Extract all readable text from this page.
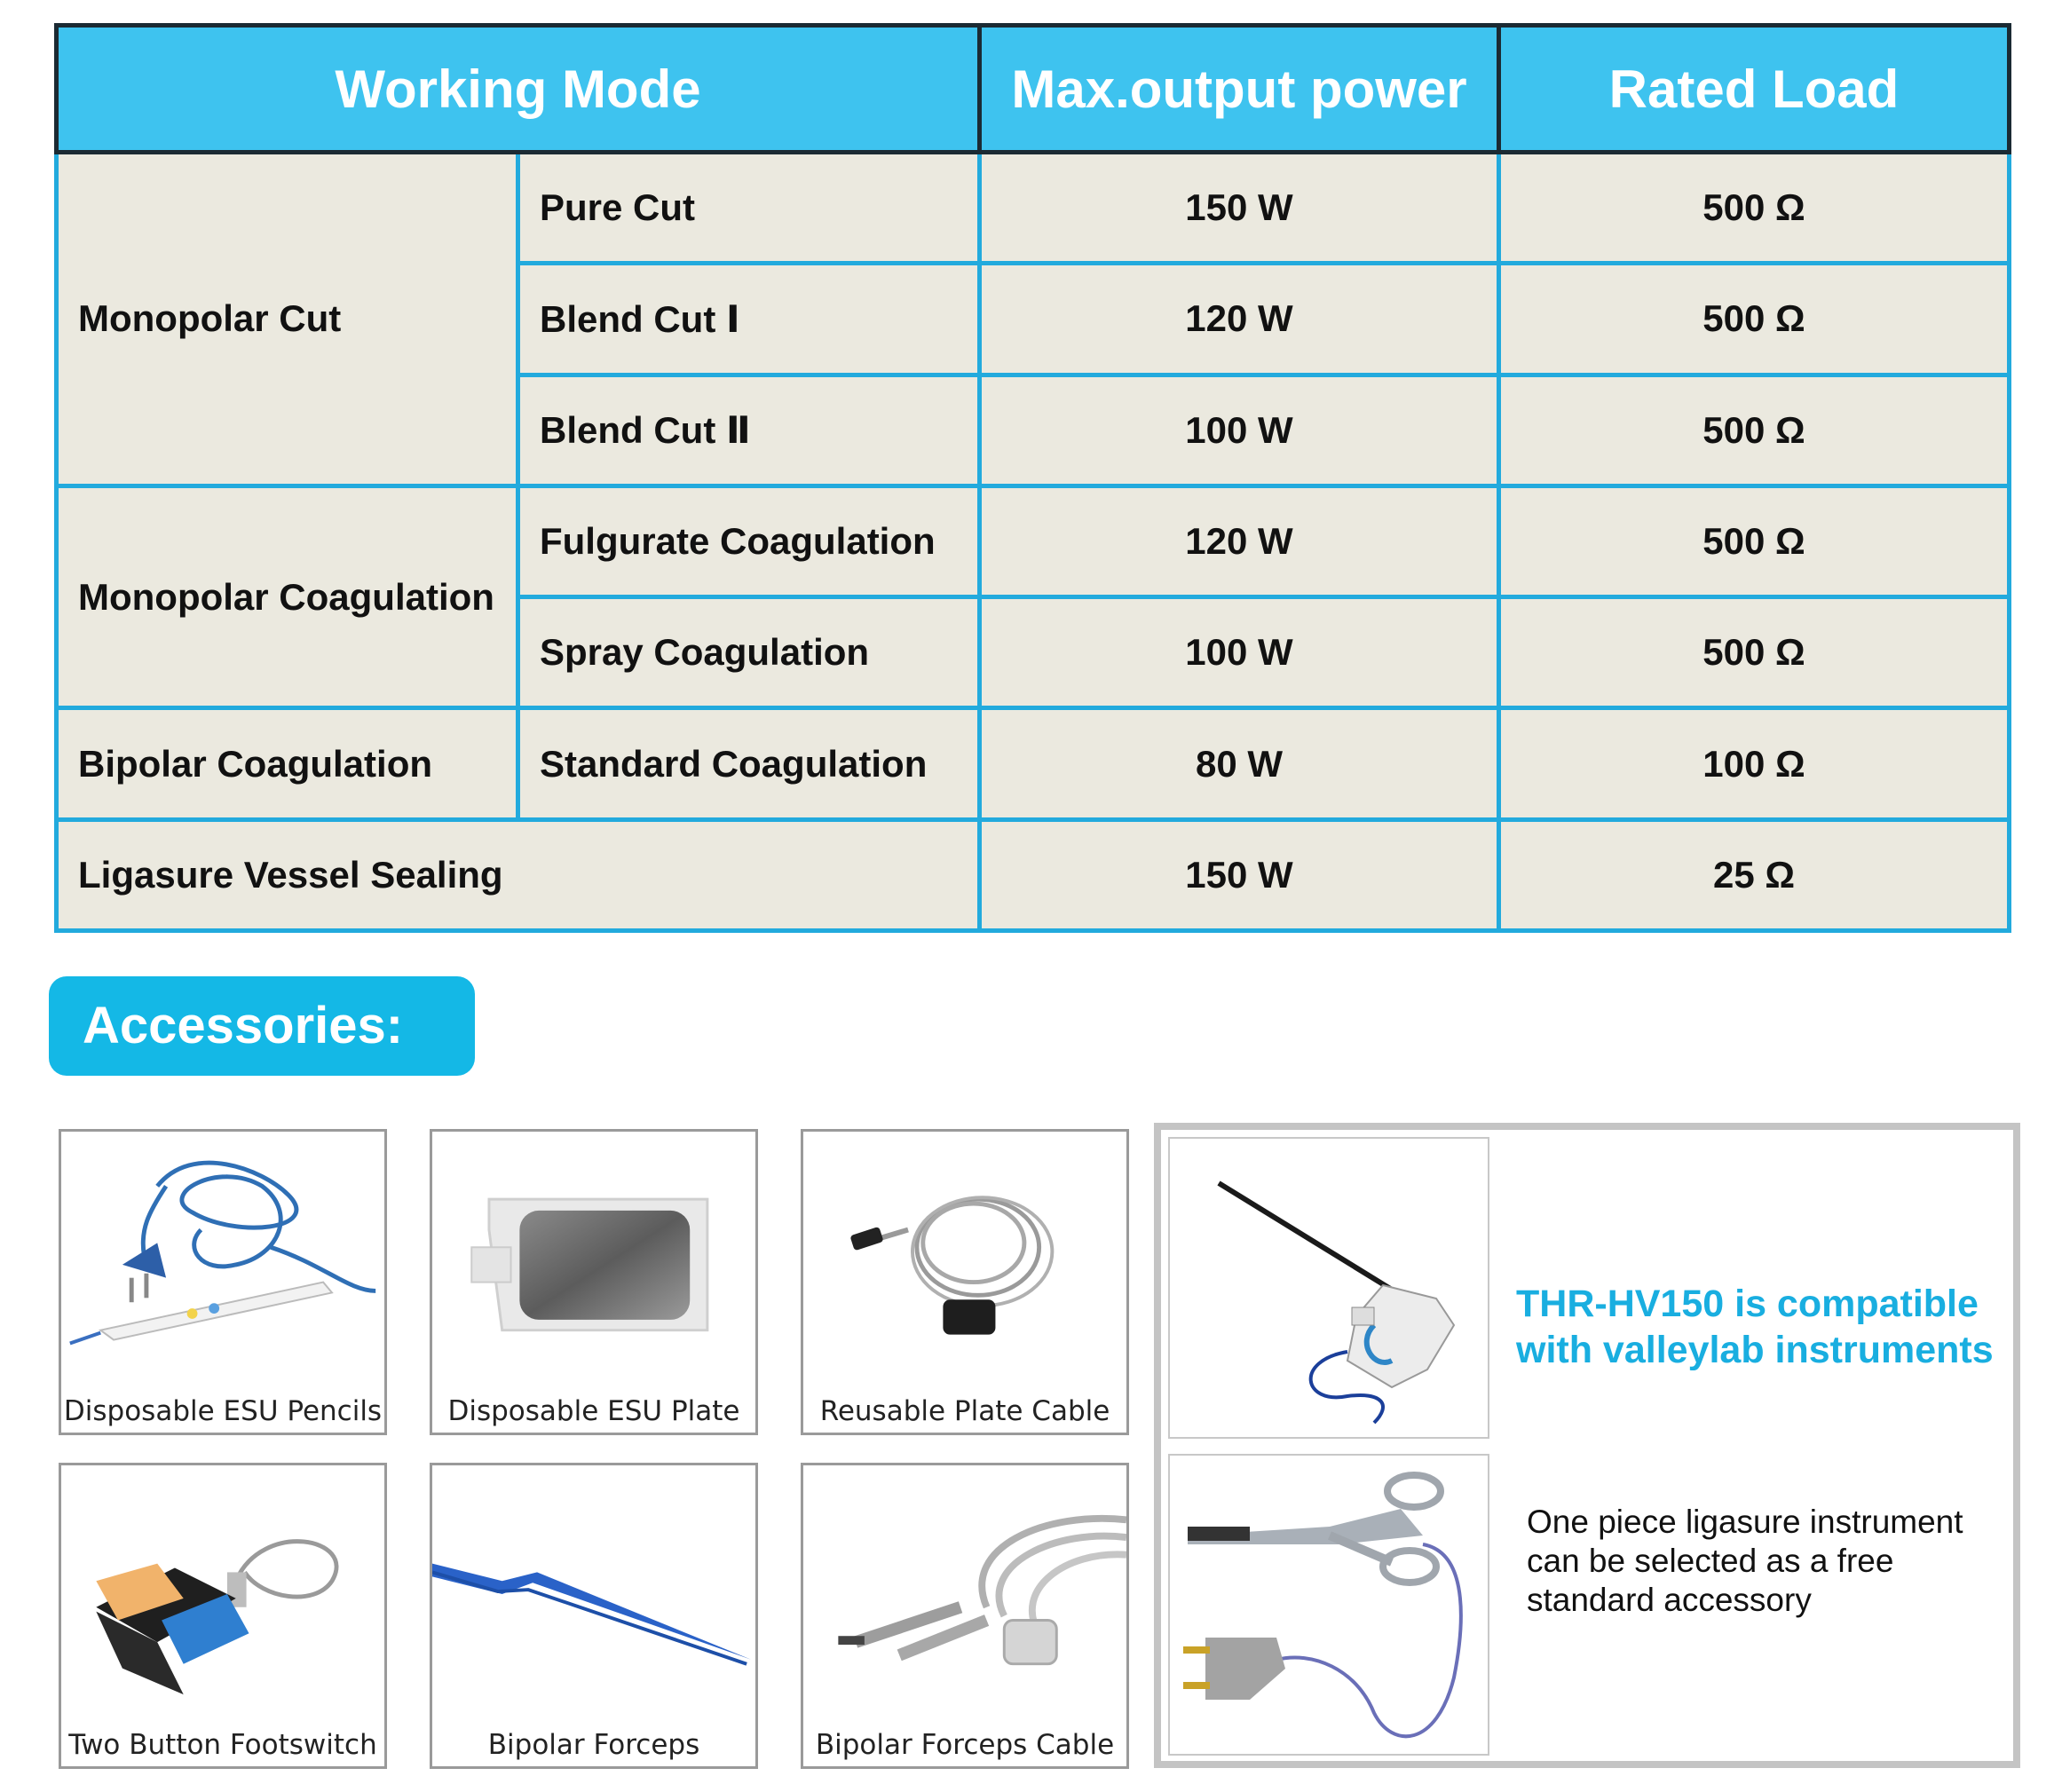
Working Mode		Max.output power	Rated Load
Monopolar Cut	Pure Cut	150 W	500 Ω
	Blend Cut Ⅰ	120 W	500 Ω
	Blend Cut Ⅱ	100 W	500 Ω
Monopolar Coagulation	Fulgurate Coagulation	120 W	500 Ω
	Spray Coagulation	100 W	500 Ω
Bipolar Coagulation	Standard Coagulation	80 W	100 Ω
Ligasure Vessel Sealing		150 W	25 Ω
Accessories:
Disposable ESU Pencils	Disposable ESU Plate	Reusable Plate Cable
Two Button Footswitch	Bipolar Forceps	Bipolar Forceps Cable
THR-HV150 is compatible with valleylab instruments
One piece ligasure instrument can be selected as a free standard accessory
